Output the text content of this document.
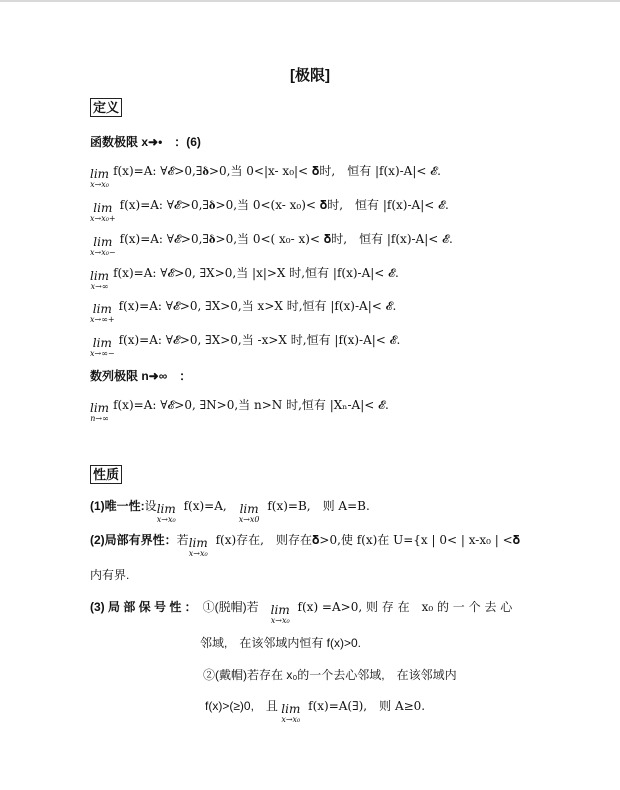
[极限]
定义
函数极限 x➜•　：(6)
lim
x→x₀
f(x)=A: ∀𝓔>0,∃𝛅>0,当 0<|x- x₀|< 𝛅时,　恒有 |f(x)-A|< 𝓔.
lim
x→x₀+
f(x)=A: ∀𝓔>0,∃𝛅>0,当 0<(x- x₀)< 𝛅时,　恒有 |f(x)-A|< 𝓔.
lim
x→x₀−
f(x)=A: ∀𝓔>0,∃𝛅>0,当 0<( x₀- x)< 𝛅时,　恒有 |f(x)-A|< 𝓔.
lim
x→∞
f(x)=A: ∀𝓔>0, ∃X>0,当 |x|>X 时,恒有 |f(x)-A|< 𝓔.
lim
x→∞+
f(x)=A: ∀𝓔>0, ∃X>0,当 x>X 时,恒有 |f(x)-A|< 𝓔.
lim
x→∞−
f(x)=A: ∀𝓔>0, ∃X>0,当 -x>X 时,恒有 |f(x)-A|< 𝓔.
数列极限 n➜∞　：
lim
n→∞
f(x)=A: ∀𝓔>0, ∃N>0,当 n>N 时,恒有 |Xₙ-A|< 𝓔.
性质
(1)唯一性: 设 lim
x→x₀
f(x)=A,　 lim
x→x0
f(x)=B,　则 A=B.
(2)局部有界性： 若 lim
x→x₀
f(x)存在,　则存在𝛅>0,使 f(x)在 U={x | 0< | x-x₀ | <𝛅
内有界.
(3) 局 部 保 号 性 ： ①(脱帽)若　 lim
x→x₀
f(x) =A>0, 则 存 在　x₀ 的 一 个 去 心
邻域,　在该邻域内恒有 f(x)>0.
②(戴帽)若存在 x₀的一个去心邻域,　在该邻域内
f(x)>(≥)0,　且 lim
x→x₀
f(x)=A(∃),　则 A≥0.
